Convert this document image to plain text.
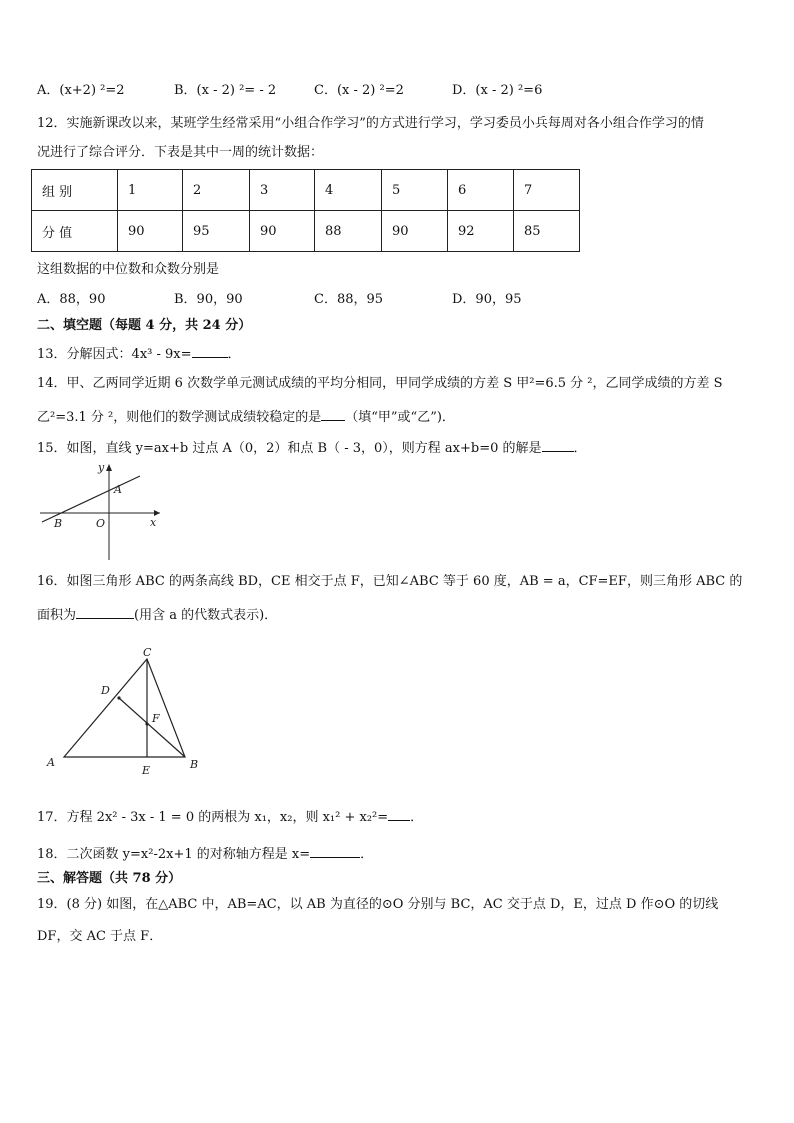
A．(x+2) ²=2	B．(x - 2) ²= - 2	C．(x - 2) ²=2	D．(x - 2) ²=6
12．实施新课改以来，某班学生经常采用“小组合作学习”的方式进行学习，学习委员小兵每周对各小组合作学习的情
况进行了综合评分．下表是其中一周的统计数据：
组 别	1	2	3	4	5	6	7
分 值	90	95	90	88	90	92	85
这组数据的中位数和众数分别是
A．88，90	B．90，90	C．88，95	D．90，95
二、填空题（每题 4 分，共 24 分）
13．分解因式：4x³ - 9x=	．
14．甲、乙两同学近期 6 次数学单元测试成绩的平均分相同，甲同学成绩的方差 S 甲²=6.5 分 ²，乙同学成绩的方差 S
乙²=3.1 分 ²，则他们的数学测试成绩较稳定的是 （填“甲”或“乙”)．
15．如图，直线 y=ax+b 过点 A（0，2）和点 B（ - 3，0），则方程 ax+b=0 的解是 ．
y
x
A
B	O
16．如图三角形 ABC 的两条高线 BD，CE 相交于点 F，已知∠ABC 等于 60 度，AB = a，CF=EF，则三角形 ABC 的
面积为	(用含 a 的代数式表示)．
C
D
F
A
E	B
17．方程 2x² - 3x - 1 = 0 的两根为 x₁，x₂，则 x₁² + x₂²= ．
18．二次函数 y=x²-2x+1 的对称轴方程是 x=	．
三、解答题（共 78 分）
19．(8 分) 如图，在△ABC 中，AB=AC，以 AB 为直径的⊙O 分别与 BC，AC 交于点 D，E，过点 D 作⊙O 的切线
DF，交 AC 于点 F．
